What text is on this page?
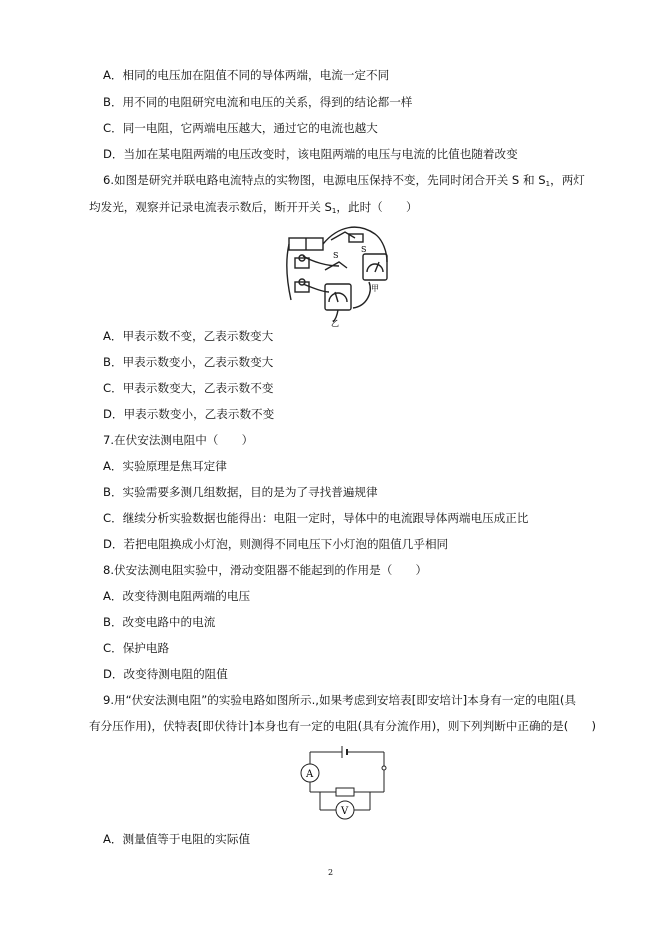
A．相同的电压加在阻值不同的导体两端，电流一定不同
B．用不同的电阻研究电流和电压的关系，得到的结论都一样
C．同一电阻，它两端电压越大，通过它的电流也越大
D．当加在某电阻两端的电压改变时，该电阻两端的电压与电流的比值也随着改变
6.如图是研究并联电路电流特点的实物图，电源电压保持不变，先同时闭合开关 S 和 $S_1$，两灯
均发光，观察并记录电流表示数后，断开开关 $S_1$，此时（　　）
S
S
甲
乙
A．甲表示数不变，乙表示数变大
B．甲表示数变小，乙表示数变大
C．甲表示数变大，乙表示数不变
D．甲表示数变小，乙表示数不变
7.在伏安法测电阻中（　　）
A．实验原理是焦耳定律
B．实验需要多测几组数据，目的是为了寻找普遍规律
C．继续分析实验数据也能得出：电阻一定时，导体中的电流跟导体两端电压成正比
D．若把电阻换成小灯泡，则测得不同电压下小灯泡的阻值几乎相同
8.伏安法测电阻实验中，滑动变阻器不能起到的作用是（　　）
A．改变待测电阻两端的电压
B．改变电路中的电流
C．保护电路
D．改变待测电阻的阻值
9.用“伏安法测电阻”的实验电路如图所示.,如果考虑到安培表[即安培计]本身有一定的电阻(具
有分压作用)，伏特表[即伏待计]本身也有一定的电阻(具有分流作用)，则下列判断中正确的是(　　)
A
V
A．测量值等于电阻的实际值
2
